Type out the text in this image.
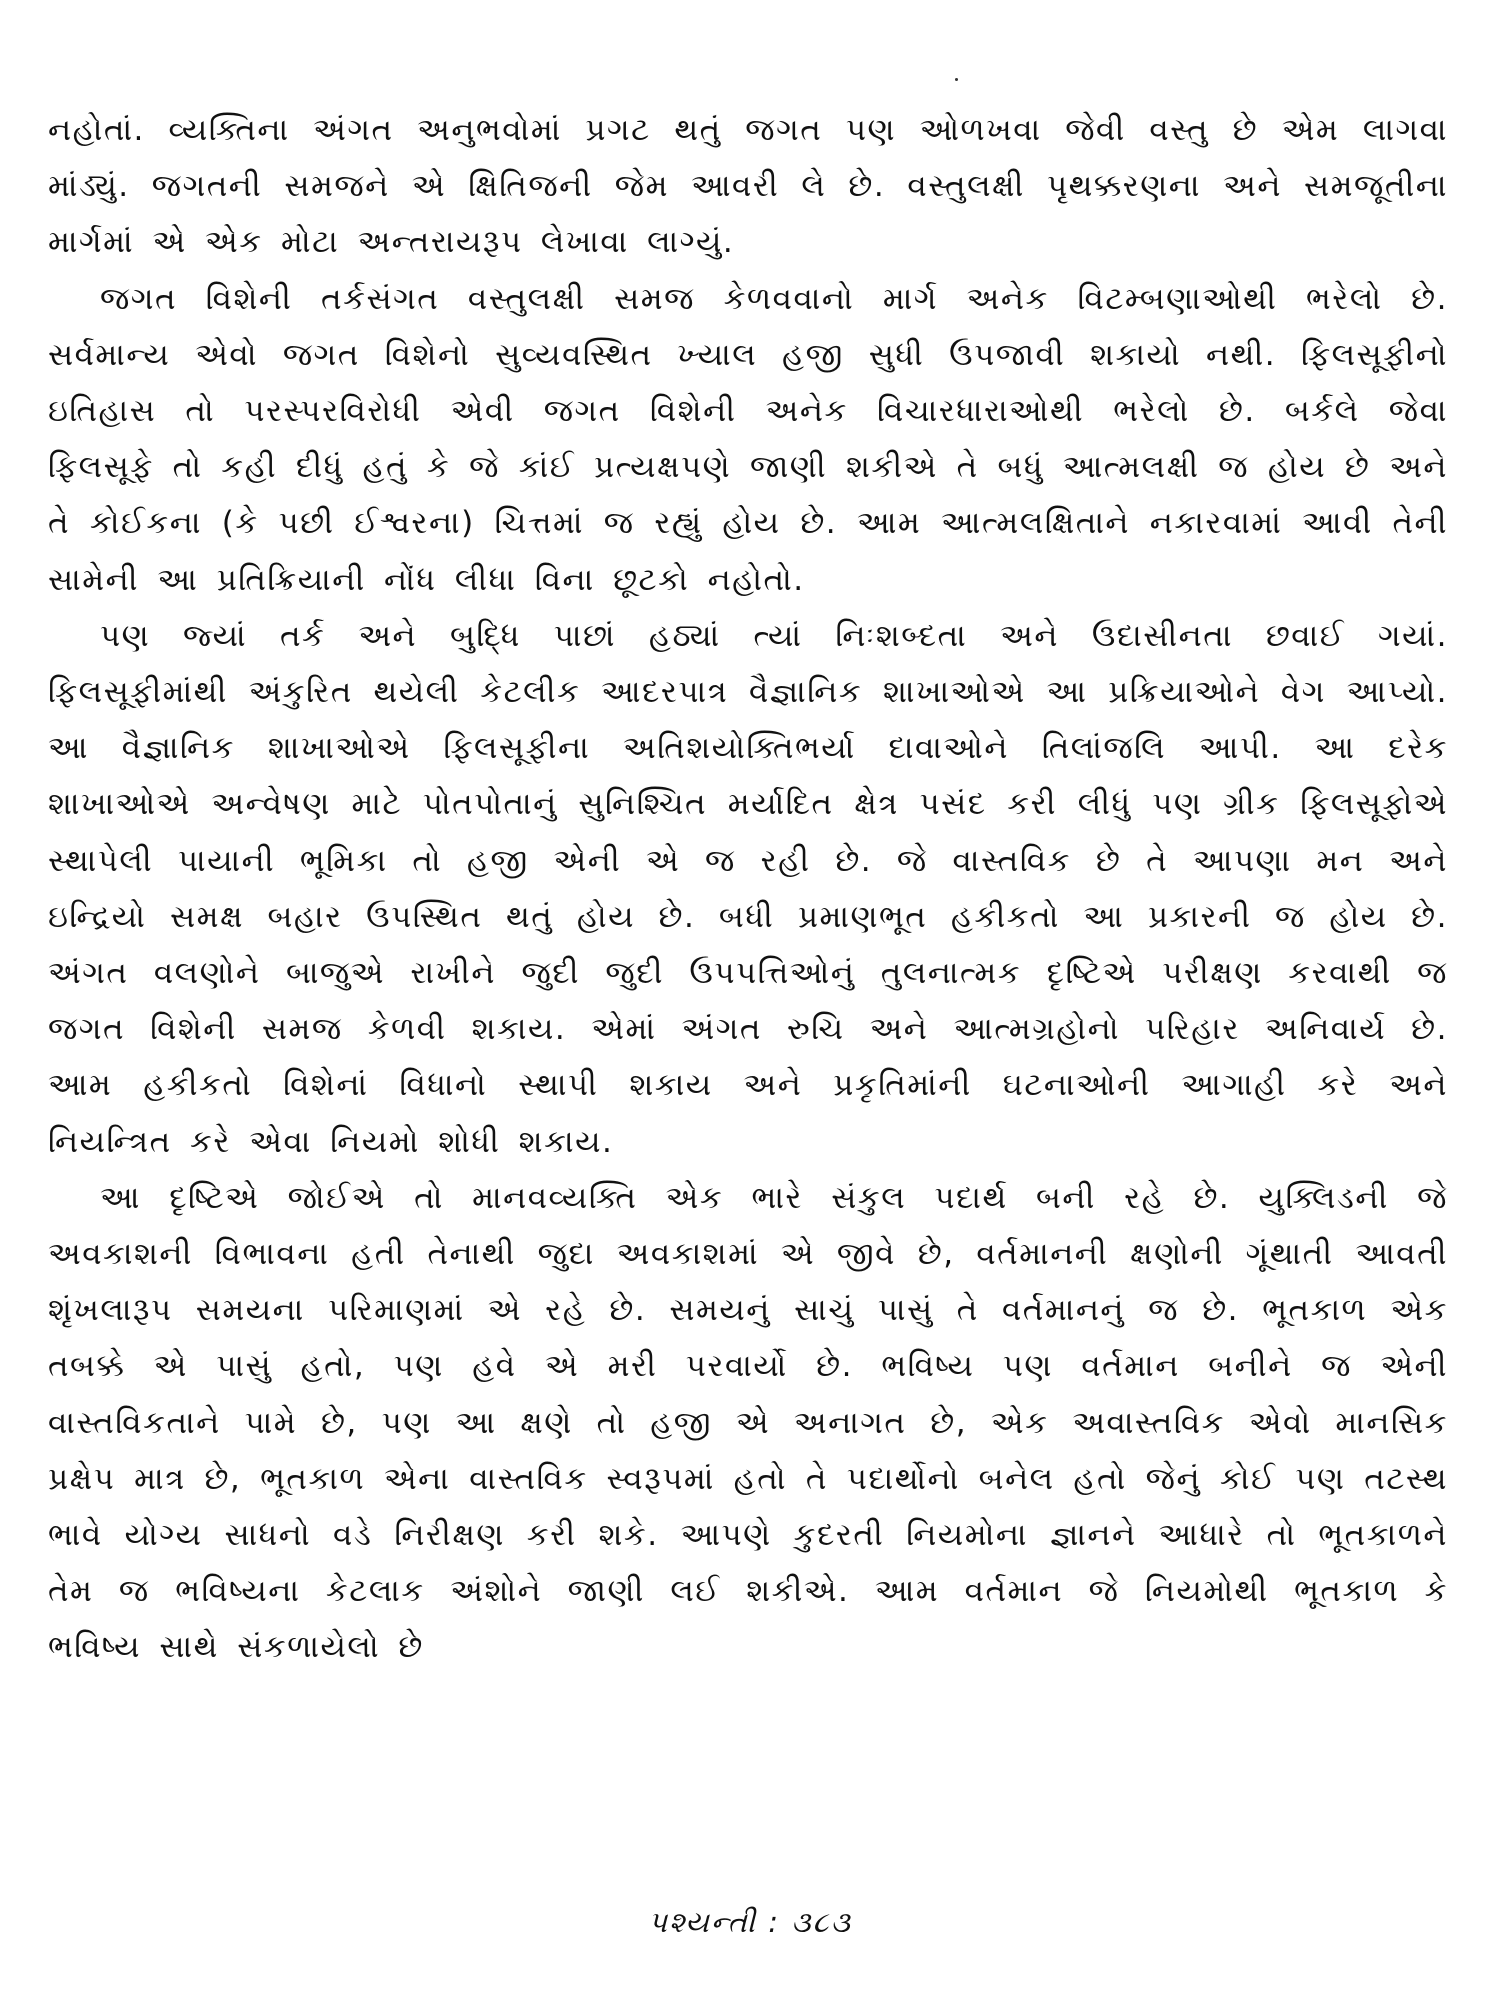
નહોતાં. વ્યક્તિના અંગત અનુભવોમાં પ્રગટ થતું જગત પણ ઓળખવા જેવી વસ્તુ છે એમ લાગવા માંડ્યું. જગતની સમજને એ ક્ષિતિજની જેમ આવરી લે છે. વસ્તુલક્ષી પૃથક્કરણના અને સમજૂતીના માર્ગમાં એ એક મોટા અન્તરાયરૂપ લેખાવા લાગ્યું.

જગત વિશેની તર્કસંગત વસ્તુલક્ષી સમજ કેળવવાનો માર્ગ અનેક વિટમ્બણાઓથી ભરેલો છે. સર્વમાન્ય એવો જગત વિશેનો સુવ્યવસ્થિત ખ્યાલ હજી સુધી ઉપજાવી શકાયો નથી. ફિલસૂફીનો ઇતિહાસ તો પરસ્પરવિરોધી એવી જગત વિશેની અનેક વિચારધારાઓથી ભરેલો છે. બર્કલે જેવા ફિલસૂફે તો કહી દીધું હતું કે જે કાંઈ પ્રત્યક્ષપણે જાણી શકીએ તે બધું આત્મલક્ષી જ હોય છે અને તે કોઈકના (કે પછી ઈશ્વરના) ચિત્તમાં જ રહ્યું હોય છે. આમ આત્મલક્ષિતાને નકારવામાં આવી તેની સામેની આ પ્રતિક્રિયાની નોંધ લીધા વિના છૂટકો નહોતો.

પણ જ્યાં તર્ક અને બુદ્ધિ પાછાં હઠ્યાં ત્યાં નિઃશબ્દતા અને ઉદાસીનતા છવાઈ ગયાં. ફિલસૂફીમાંથી અંકુરિત થયેલી કેટલીક આદરપાત્ર વૈજ્ઞાનિક શાખાઓએ આ પ્રક્રિયાઓને વેગ આપ્યો. આ વૈજ્ઞાનિક શાખાઓએ ફિલસૂફીના અતિશયોક્તિભર્યા દાવાઓને તિલાંજલિ આપી. આ દરેક શાખાઓએ અન્વેષણ માટે પોતપોતાનું સુનિશ્ચિત મર્યાદિત ક્ષેત્ર પસંદ કરી લીધું પણ ગ્રીક ફિલસૂફોએ સ્થાપેલી પાયાની ભૂમિકા તો હજી એની એ જ રહી છે. જે વાસ્તવિક છે તે આપણા મન અને ઇન્દ્રિયો સમક્ષ બહાર ઉપસ્થિત થતું હોય છે. બધી પ્રમાણભૂત હકીકતો આ પ્રકારની જ હોય છે. અંગત વલણોને બાજુએ રાખીને જુદી જુદી ઉપપત્તિઓનું તુલનાત્મક દૃષ્ટિએ પરીક્ષણ કરવાથી જ જગત વિશેની સમજ કેળવી શકાય. એમાં અંગત રુચિ અને આત્મગ્રહોનો પરિહાર અનિવાર્ય છે. આમ હકીકતો વિશેનાં વિધાનો સ્થાપી શકાય અને પ્રકૃતિમાંની ઘટનાઓની આગાહી કરે અને નિયન્ત્રિત કરે એવા નિયમો શોધી શકાય.

આ દૃષ્ટિએ જોઈએ તો માનવવ્યક્તિ એક ભારે સંકુલ પદાર્થ બની રહે છે. યુક્લિડની જે અવકાશની વિભાવના હતી તેનાથી જુદા અવકાશમાં એ જીવે છે, વર્તમાનની ક્ષણોની ગૂંથાતી આવતી શૃંખલારૂપ સમયના પરિમાણમાં એ રહે છે. સમયનું સાચું પાસું તે વર્તમાનનું જ છે. ભૂતકાળ એક તબક્કે એ પાસું હતો, પણ હવે એ મરી પરવાર્યો છે. ભવિષ્ય પણ વર્તમાન બનીને જ એની વાસ્તવિકતાને પામે છે, પણ આ ક્ષણે તો હજી એ અનાગત છે, એક અવાસ્તવિક એવો માનસિક પ્રક્ષેપ માત્ર છે, ભૂતકાળ એના વાસ્તવિક સ્વરૂપમાં હતો તે પદાર્થોનો બનેલ હતો જેનું કોઈ પણ તટસ્થ ભાવે યોગ્ય સાધનો વડે નિરીક્ષણ કરી શકે. આપણે કુદરતી નિયમોના જ્ઞાનને આધારે તો ભૂતકાળને તેમ જ ભવિષ્યના કેટલાક અંશોને જાણી લઈ શકીએ. આમ વર્તમાન જે નિયમોથી ભૂતકાળ કે ભવિષ્ય સાથે સંકળાયેલો છે

પશ્યન્તી : ૩૮૩
